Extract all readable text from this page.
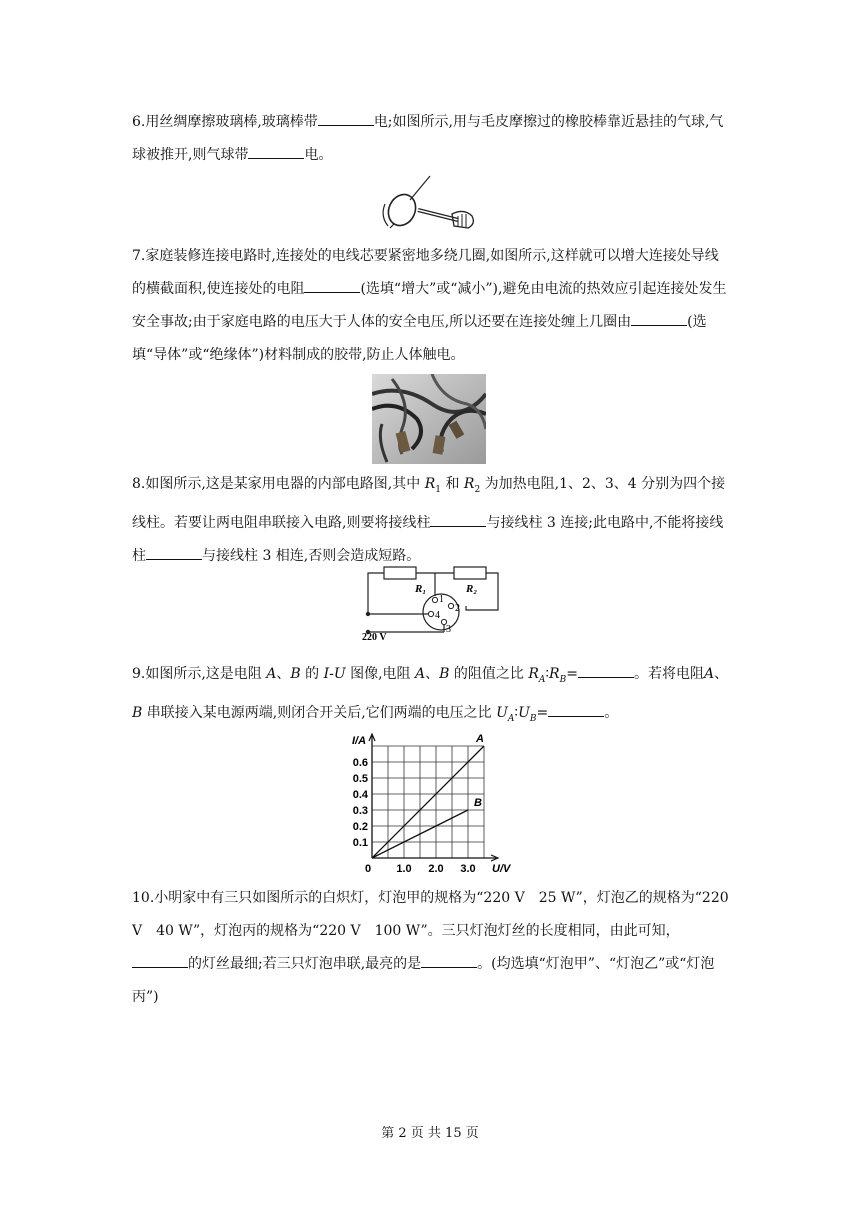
6.用丝绸摩擦玻璃棒,玻璃棒带	电;如图所示,用与毛皮摩擦过的橡胶棒靠近悬挂的气球,气球被推开,则气球带	电。

7.家庭装修连接电路时,连接处的电线芯要紧密地多绕几圈,如图所示,这样就可以增大连接处导线的横截面积,使连接处的电阻	(选填“增大”或“减小”),避免由电流的热效应引起连接处发生安全事故;由于家庭电路的电压大于人体的安全电压,所以还要在连接处缠上几圈由	(选填“导体”或“绝缘体”)材料制成的胶带,防止人体触电。

8.如图所示,这是某家用电器的内部电路图,其中 $R_1$ 和 $R_2$ 为加热电阻,1、2、3、4 分别为四个接线柱。若要让两电阻串联接入电路,则要将接线柱	与接线柱 3 连接;此电路中,不能将接线柱	与接线柱 3 相连,否则会造成短路。

R₁	R₂
1
2
3
4
220 V

9.如图所示,这是电阻 A、B 的 I-U 图像,电阻 A、B 的阻值之比 $R_A∶R_B=$	。若将电阻A、B 串联接入某电源两端,则闭合开关后,它们两端的电压之比 $U_A∶U_B=$	。

I/A
U/V
0.1
0.2
0.3
0.4
0.5
0.6
0 1.0 2.0 3.0
A
B

10.小明家中有三只如图所示的白炽灯，灯泡甲的规格为“220 V　25 W”，灯泡乙的规格为“220 V　40 W”，灯泡丙的规格为“220 V　100 W”。三只灯泡灯丝的长度相同，由此可知，的灯丝最细;若三只灯泡串联,最亮的是	。(均选填“灯泡甲”、“灯泡乙”或“灯泡丙”)

第 2 页 共 15 页
